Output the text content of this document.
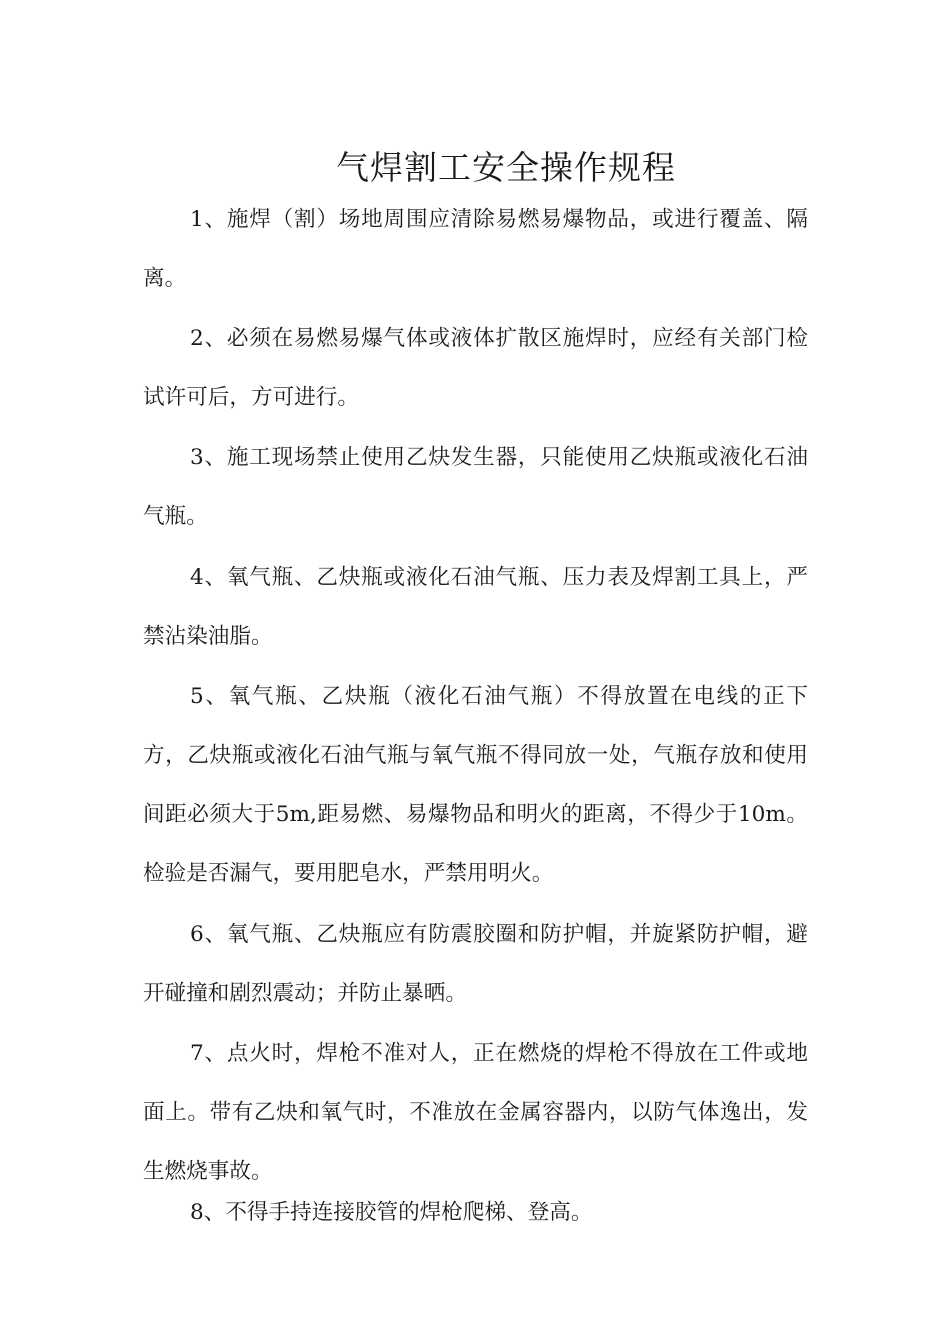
气焊割工安全操作规程

1、施焊（割）场地周围应清除易燃易爆物品，或进行覆盖、隔离。

2、必须在易燃易爆气体或液体扩散区施焊时，应经有关部门检试许可后，方可进行。

3、施工现场禁止使用乙炔发生器，只能使用乙炔瓶或液化石油气瓶。

4、氧气瓶、乙炔瓶或液化石油气瓶、压力表及焊割工具上，严禁沾染油脂。

5、氧气瓶、乙炔瓶（液化石油气瓶）不得放置在电线的正下方，乙炔瓶或液化石油气瓶与氧气瓶不得同放一处，气瓶存放和使用间距必须大于5m,距易燃、易爆物品和明火的距离，不得少于10m。检验是否漏气，要用肥皂水，严禁用明火。

6、氧气瓶、乙炔瓶应有防震胶圈和防护帽，并旋紧防护帽，避开碰撞和剧烈震动；并防止暴晒。

7、点火时，焊枪不准对人，正在燃烧的焊枪不得放在工件或地面上。带有乙炔和氧气时，不准放在金属容器内，以防气体逸出，发生燃烧事故。

8、不得手持连接胶管的焊枪爬梯、登高。
